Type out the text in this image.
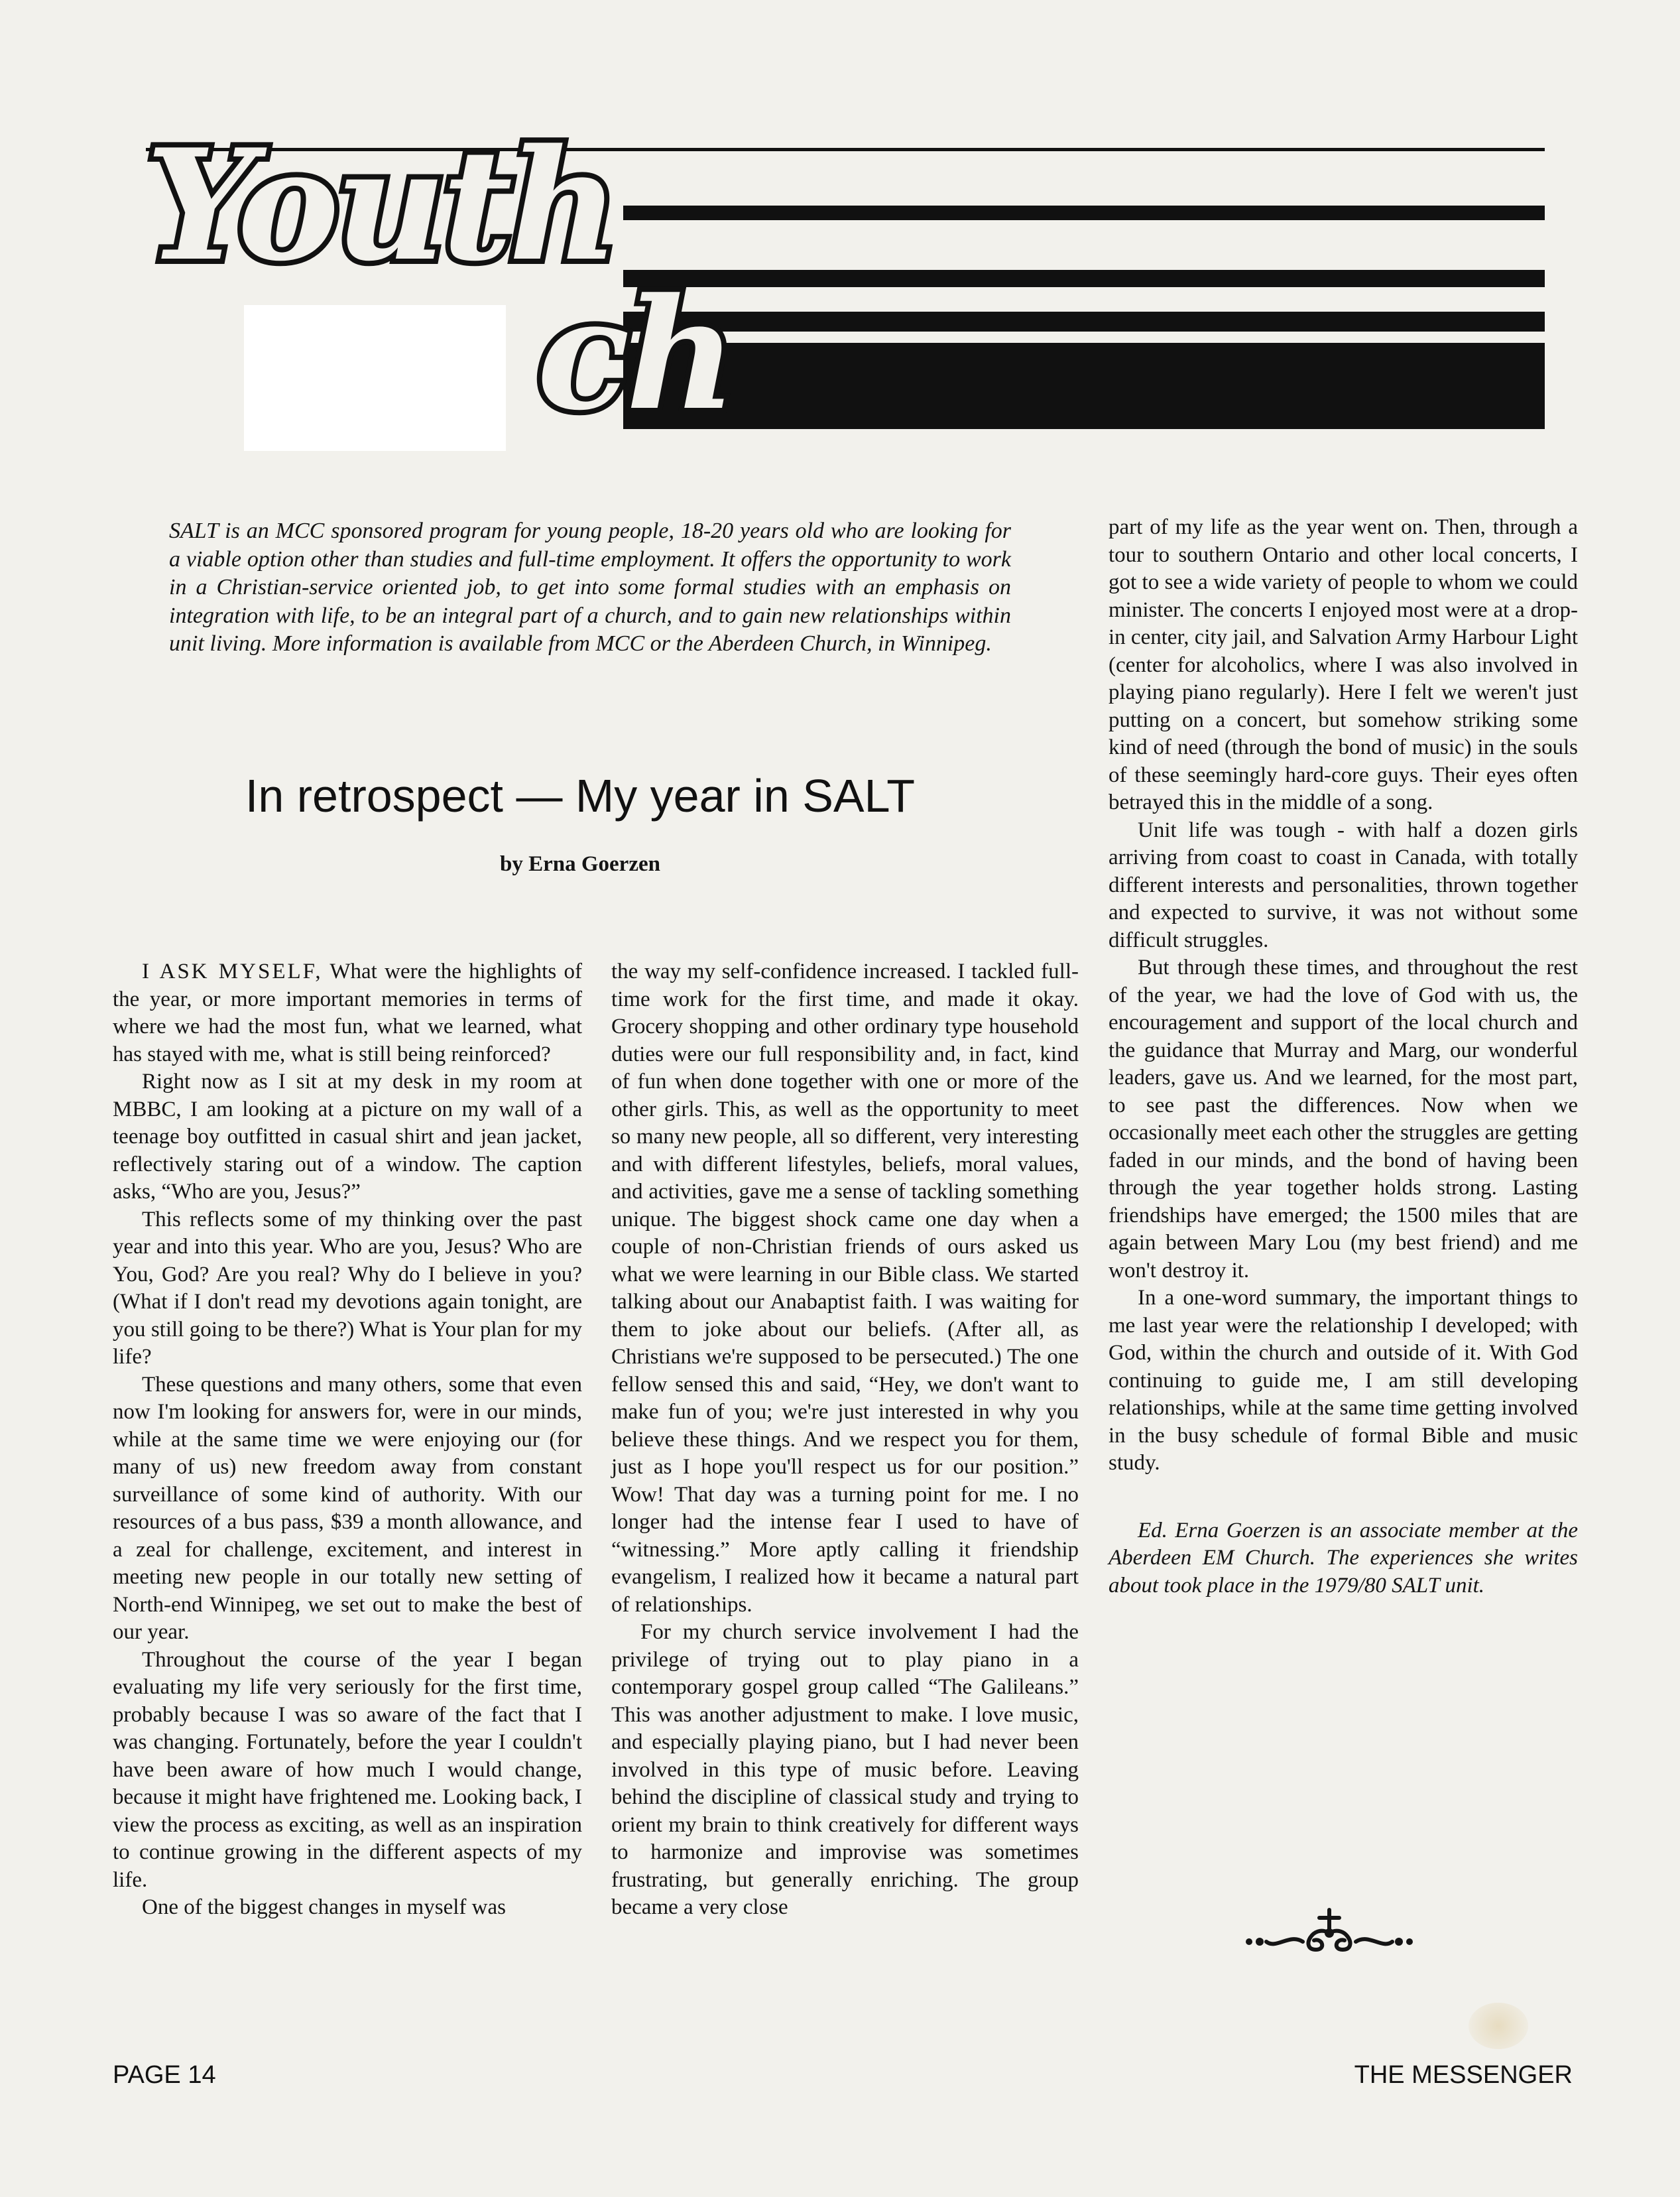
Youth
ch

SALT is an MCC sponsored program for young people, 18-20 years old who are looking for a viable option other than studies and full-time employment. It offers the opportunity to work in a Christian-service oriented job, to get into some formal studies with an emphasis on integration with life, to be an integral part of a church, and to gain new relationships within unit living. More information is available from MCC or the Aberdeen Church, in Winnipeg.

In retrospect — My year in SALT

by Erna Goerzen

I ASK MYSELF, What were the highlights of the year, or more important memories in terms of where we had the most fun, what we learned, what has stayed with me, what is still being reinforced?

Right now as I sit at my desk in my room at MBBC, I am looking at a picture on my wall of a teenage boy outfitted in casual shirt and jean jacket, reflectively staring out of a window. The caption asks, “Who are you, Jesus?”

This reflects some of my thinking over the past year and into this year. Who are you, Jesus? Who are You, God? Are you real? Why do I believe in you? (What if I don't read my devotions again tonight, are you still going to be there?) What is Your plan for my life?

These questions and many others, some that even now I'm looking for answers for, were in our minds, while at the same time we were enjoying our (for many of us) new freedom away from constant surveillance of some kind of authority. With our resources of a bus pass, $39 a month allowance, and a zeal for challenge, excitement, and interest in meeting new people in our totally new setting of North-end Winnipeg, we set out to make the best of our year.

Throughout the course of the year I began evaluating my life very seriously for the first time, probably because I was so aware of the fact that I was changing. Fortunately, before the year I couldn't have been aware of how much I would change, because it might have frightened me. Looking back, I view the process as exciting, as well as an inspiration to continue growing in the different aspects of my life.

One of the biggest changes in myself was

the way my self-confidence increased. I tackled full-time work for the first time, and made it okay. Grocery shopping and other ordinary type household duties were our full responsibility and, in fact, kind of fun when done together with one or more of the other girls. This, as well as the opportunity to meet so many new people, all so different, very interesting and with different lifestyles, beliefs, moral values, and activities, gave me a sense of tackling something unique. The biggest shock came one day when a couple of non-Christian friends of ours asked us what we were learning in our Bible class. We started talking about our Anabaptist faith. I was waiting for them to joke about our beliefs. (After all, as Christians we're supposed to be persecuted.) The one fellow sensed this and said, “Hey, we don't want to make fun of you; we're just interested in why you believe these things. And we respect you for them, just as I hope you'll respect us for our position.” Wow! That day was a turning point for me. I no longer had the intense fear I used to have of “witnessing.” More aptly calling it friendship evangelism, I realized how it became a natural part of relationships.

For my church service involvement I had the privilege of trying out to play piano in a contemporary gospel group called “The Galileans.” This was another adjustment to make. I love music, and especially playing piano, but I had never been involved in this type of music before. Leaving behind the discipline of classical study and trying to orient my brain to think creatively for different ways to harmonize and improvise was sometimes frustrating, but generally enriching. The group became a very close

part of my life as the year went on. Then, through a tour to southern Ontario and other local concerts, I got to see a wide variety of people to whom we could minister. The concerts I enjoyed most were at a drop-in center, city jail, and Salvation Army Harbour Light (center for alcoholics, where I was also involved in playing piano regularly). Here I felt we weren't just putting on a concert, but somehow striking some kind of need (through the bond of music) in the souls of these seemingly hard-core guys. Their eyes often betrayed this in the middle of a song.

Unit life was tough - with half a dozen girls arriving from coast to coast in Canada, with totally different interests and personalities, thrown together and expected to survive, it was not without some difficult struggles.

But through these times, and throughout the rest of the year, we had the love of God with us, the encouragement and support of the local church and the guidance that Murray and Marg, our wonderful leaders, gave us. And we learned, for the most part, to see past the differences. Now when we occasionally meet each other the struggles are getting faded in our minds, and the bond of having been through the year together holds strong. Lasting friendships have emerged; the 1500 miles that are again between Mary Lou (my best friend) and me won't destroy it.

In a one-word summary, the important things to me last year were the relationship I developed; with God, within the church and outside of it. With God continuing to guide me, I am still developing relationships, while at the same time getting involved in the busy schedule of formal Bible and music study.

Ed. Erna Goerzen is an associate member at the Aberdeen EM Church. The experiences she writes about took place in the 1979/80 SALT unit.

PAGE 14	THE MESSENGER
